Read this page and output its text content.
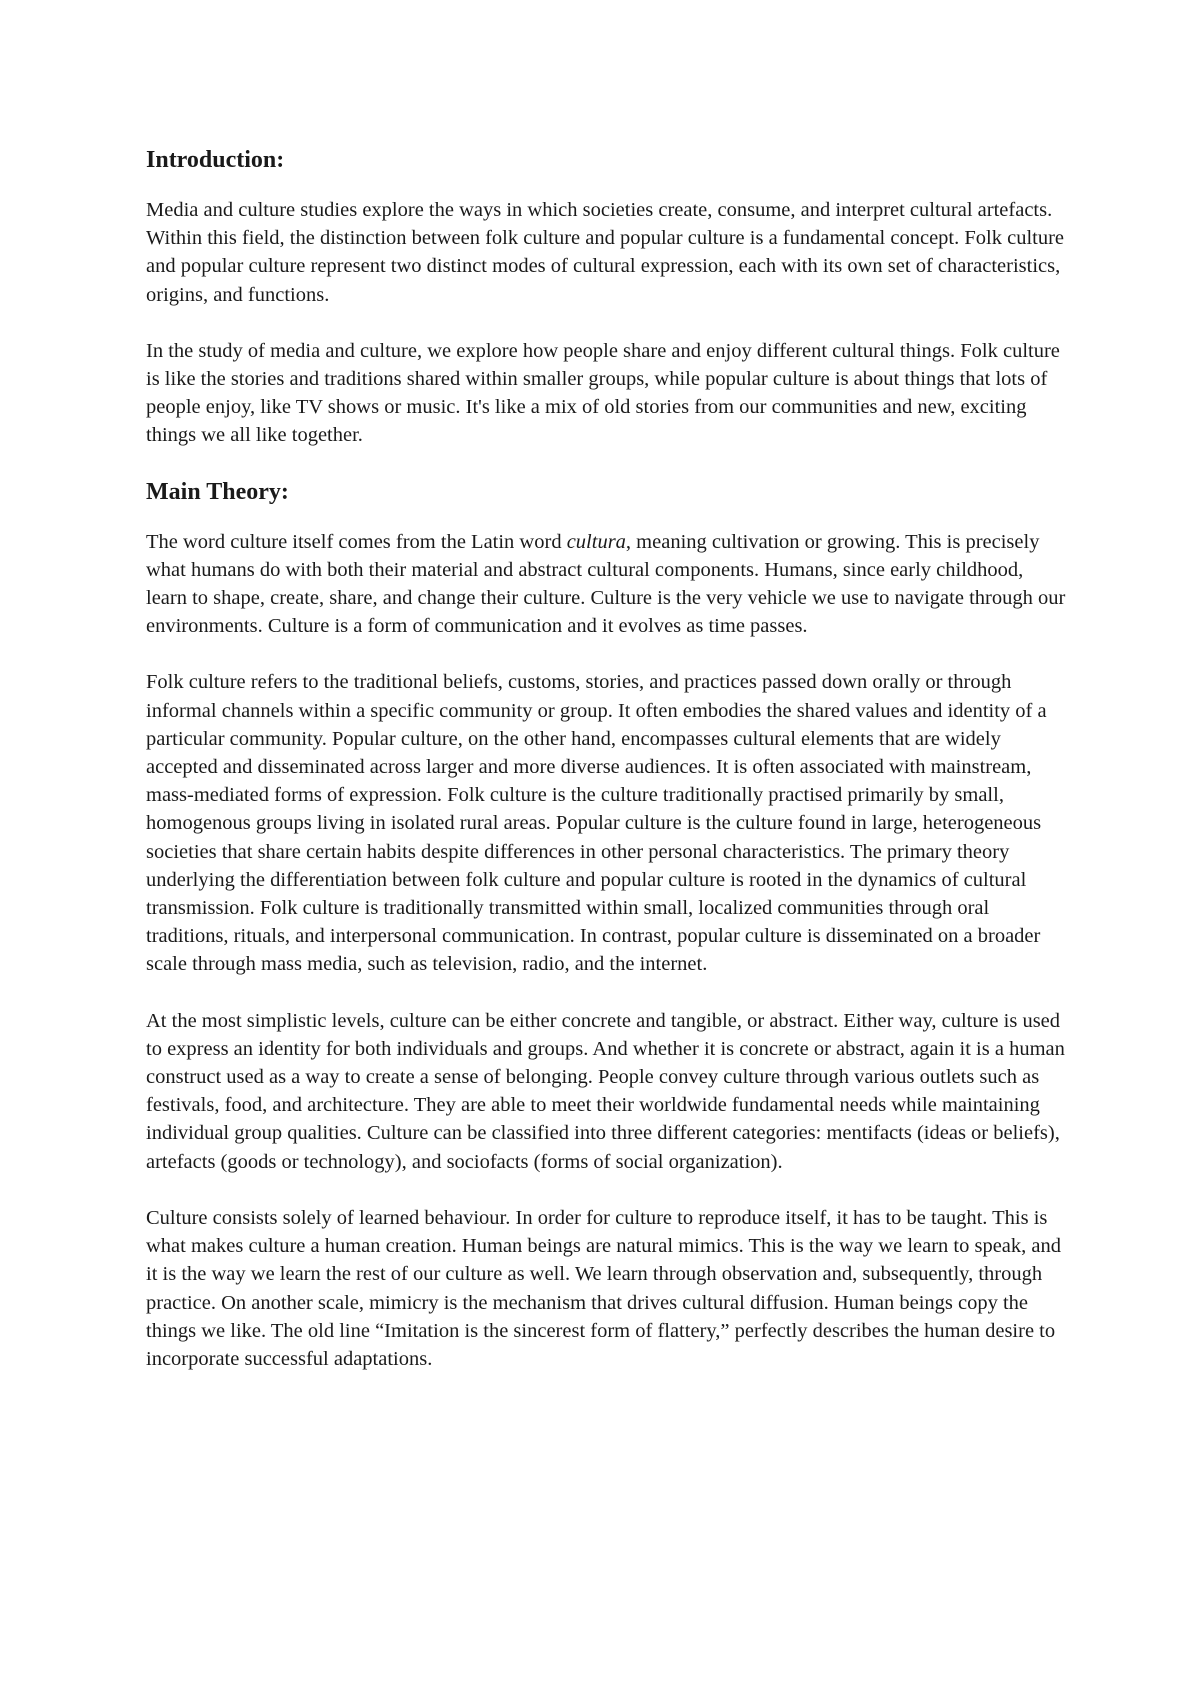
Introduction:

Media and culture studies explore the ways in which societies create, consume, and interpret cultural artefacts. Within this field, the distinction between folk culture and popular culture is a fundamental concept. Folk culture and popular culture represent two distinct modes of cultural expression, each with its own set of characteristics, origins, and functions.

In the study of media and culture, we explore how people share and enjoy different cultural things. Folk culture is like the stories and traditions shared within smaller groups, while popular culture is about things that lots of people enjoy, like TV shows or music. It's like a mix of old stories from our communities and new, exciting things we all like together.

Main Theory:

The word culture itself comes from the Latin word cultura, meaning cultivation or growing. This is precisely what humans do with both their material and abstract cultural components. Humans, since early childhood, learn to shape, create, share, and change their culture. Culture is the very vehicle we use to navigate through our environments. Culture is a form of communication and it evolves as time passes.

Folk culture refers to the traditional beliefs, customs, stories, and practices passed down orally or through informal channels within a specific community or group. It often embodies the shared values and identity of a particular community. Popular culture, on the other hand, encompasses cultural elements that are widely accepted and disseminated across larger and more diverse audiences. It is often associated with mainstream, mass-mediated forms of expression. Folk culture is the culture traditionally practised primarily by small, homogenous groups living in isolated rural areas. Popular culture is the culture found in large, heterogeneous societies that share certain habits despite differences in other personal characteristics. The primary theory underlying the differentiation between folk culture and popular culture is rooted in the dynamics of cultural transmission. Folk culture is traditionally transmitted within small, localized communities through oral traditions, rituals, and interpersonal communication. In contrast, popular culture is disseminated on a broader scale through mass media, such as television, radio, and the internet.

At the most simplistic levels, culture can be either concrete and tangible, or abstract. Either way, culture is used to express an identity for both individuals and groups. And whether it is concrete or abstract, again it is a human construct used as a way to create a sense of belonging. People convey culture through various outlets such as festivals, food, and architecture. They are able to meet their worldwide fundamental needs while maintaining individual group qualities. Culture can be classified into three different categories: mentifacts (ideas or beliefs), artefacts (goods or technology), and sociofacts (forms of social organization).

Culture consists solely of learned behaviour. In order for culture to reproduce itself, it has to be taught. This is what makes culture a human creation. Human beings are natural mimics. This is the way we learn to speak, and it is the way we learn the rest of our culture as well. We learn through observation and, subsequently, through practice. On another scale, mimicry is the mechanism that drives cultural diffusion. Human beings copy the things we like. The old line “Imitation is the sincerest form of flattery,” perfectly describes the human desire to incorporate successful adaptations.
